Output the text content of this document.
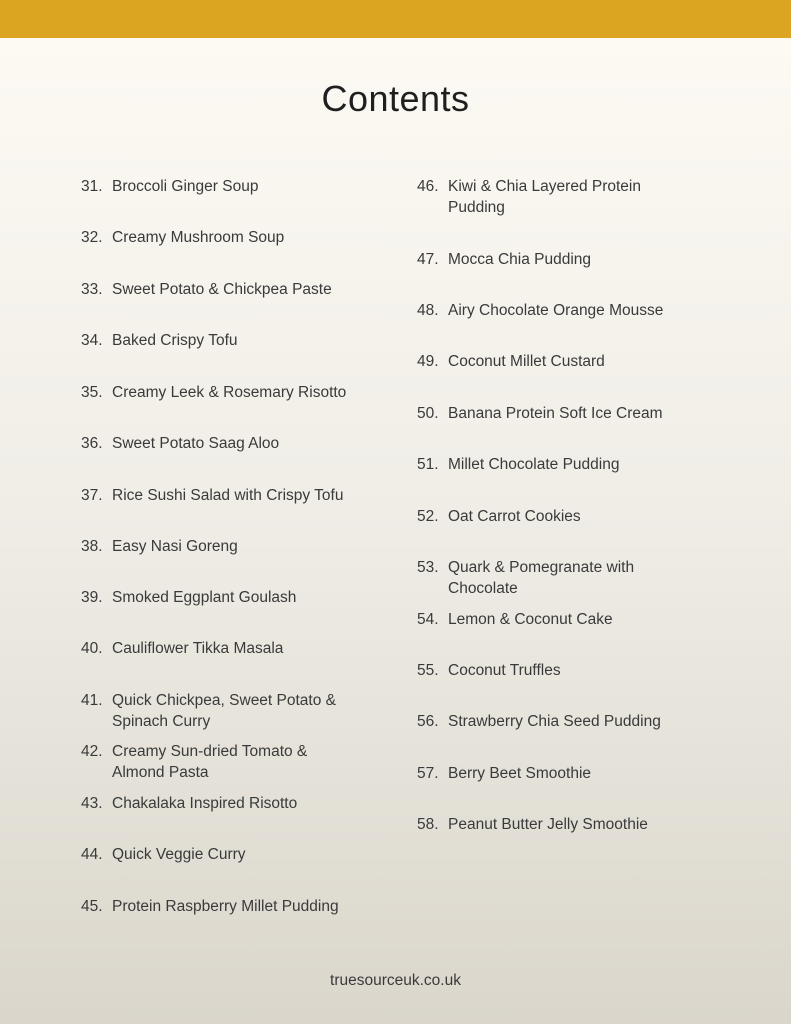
Contents
31. Broccoli Ginger Soup
32. Creamy Mushroom Soup
33. Sweet Potato & Chickpea Paste
34. Baked Crispy Tofu
35. Creamy Leek & Rosemary Risotto
36. Sweet Potato Saag Aloo
37. Rice Sushi Salad with Crispy Tofu
38. Easy Nasi Goreng
39. Smoked Eggplant Goulash
40. Cauliflower Tikka Masala
41. Quick Chickpea, Sweet Potato &
Spinach Curry
42. Creamy Sun-dried Tomato &
Almond Pasta
43. Chakalaka Inspired Risotto
44. Quick Veggie Curry
45. Protein Raspberry Millet Pudding
46. Kiwi & Chia Layered Protein
Pudding
47. Mocca Chia Pudding
48. Airy Chocolate Orange Mousse
49. Coconut Millet Custard
50. Banana Protein Soft Ice Cream
51. Millet Chocolate Pudding
52. Oat Carrot Cookies
53. Quark & Pomegranate with
Chocolate
54. Lemon & Coconut Cake
55. Coconut Truffles
56. Strawberry Chia Seed Pudding
57. Berry Beet Smoothie
58. Peanut Butter Jelly Smoothie
truesourceuk.co.uk
